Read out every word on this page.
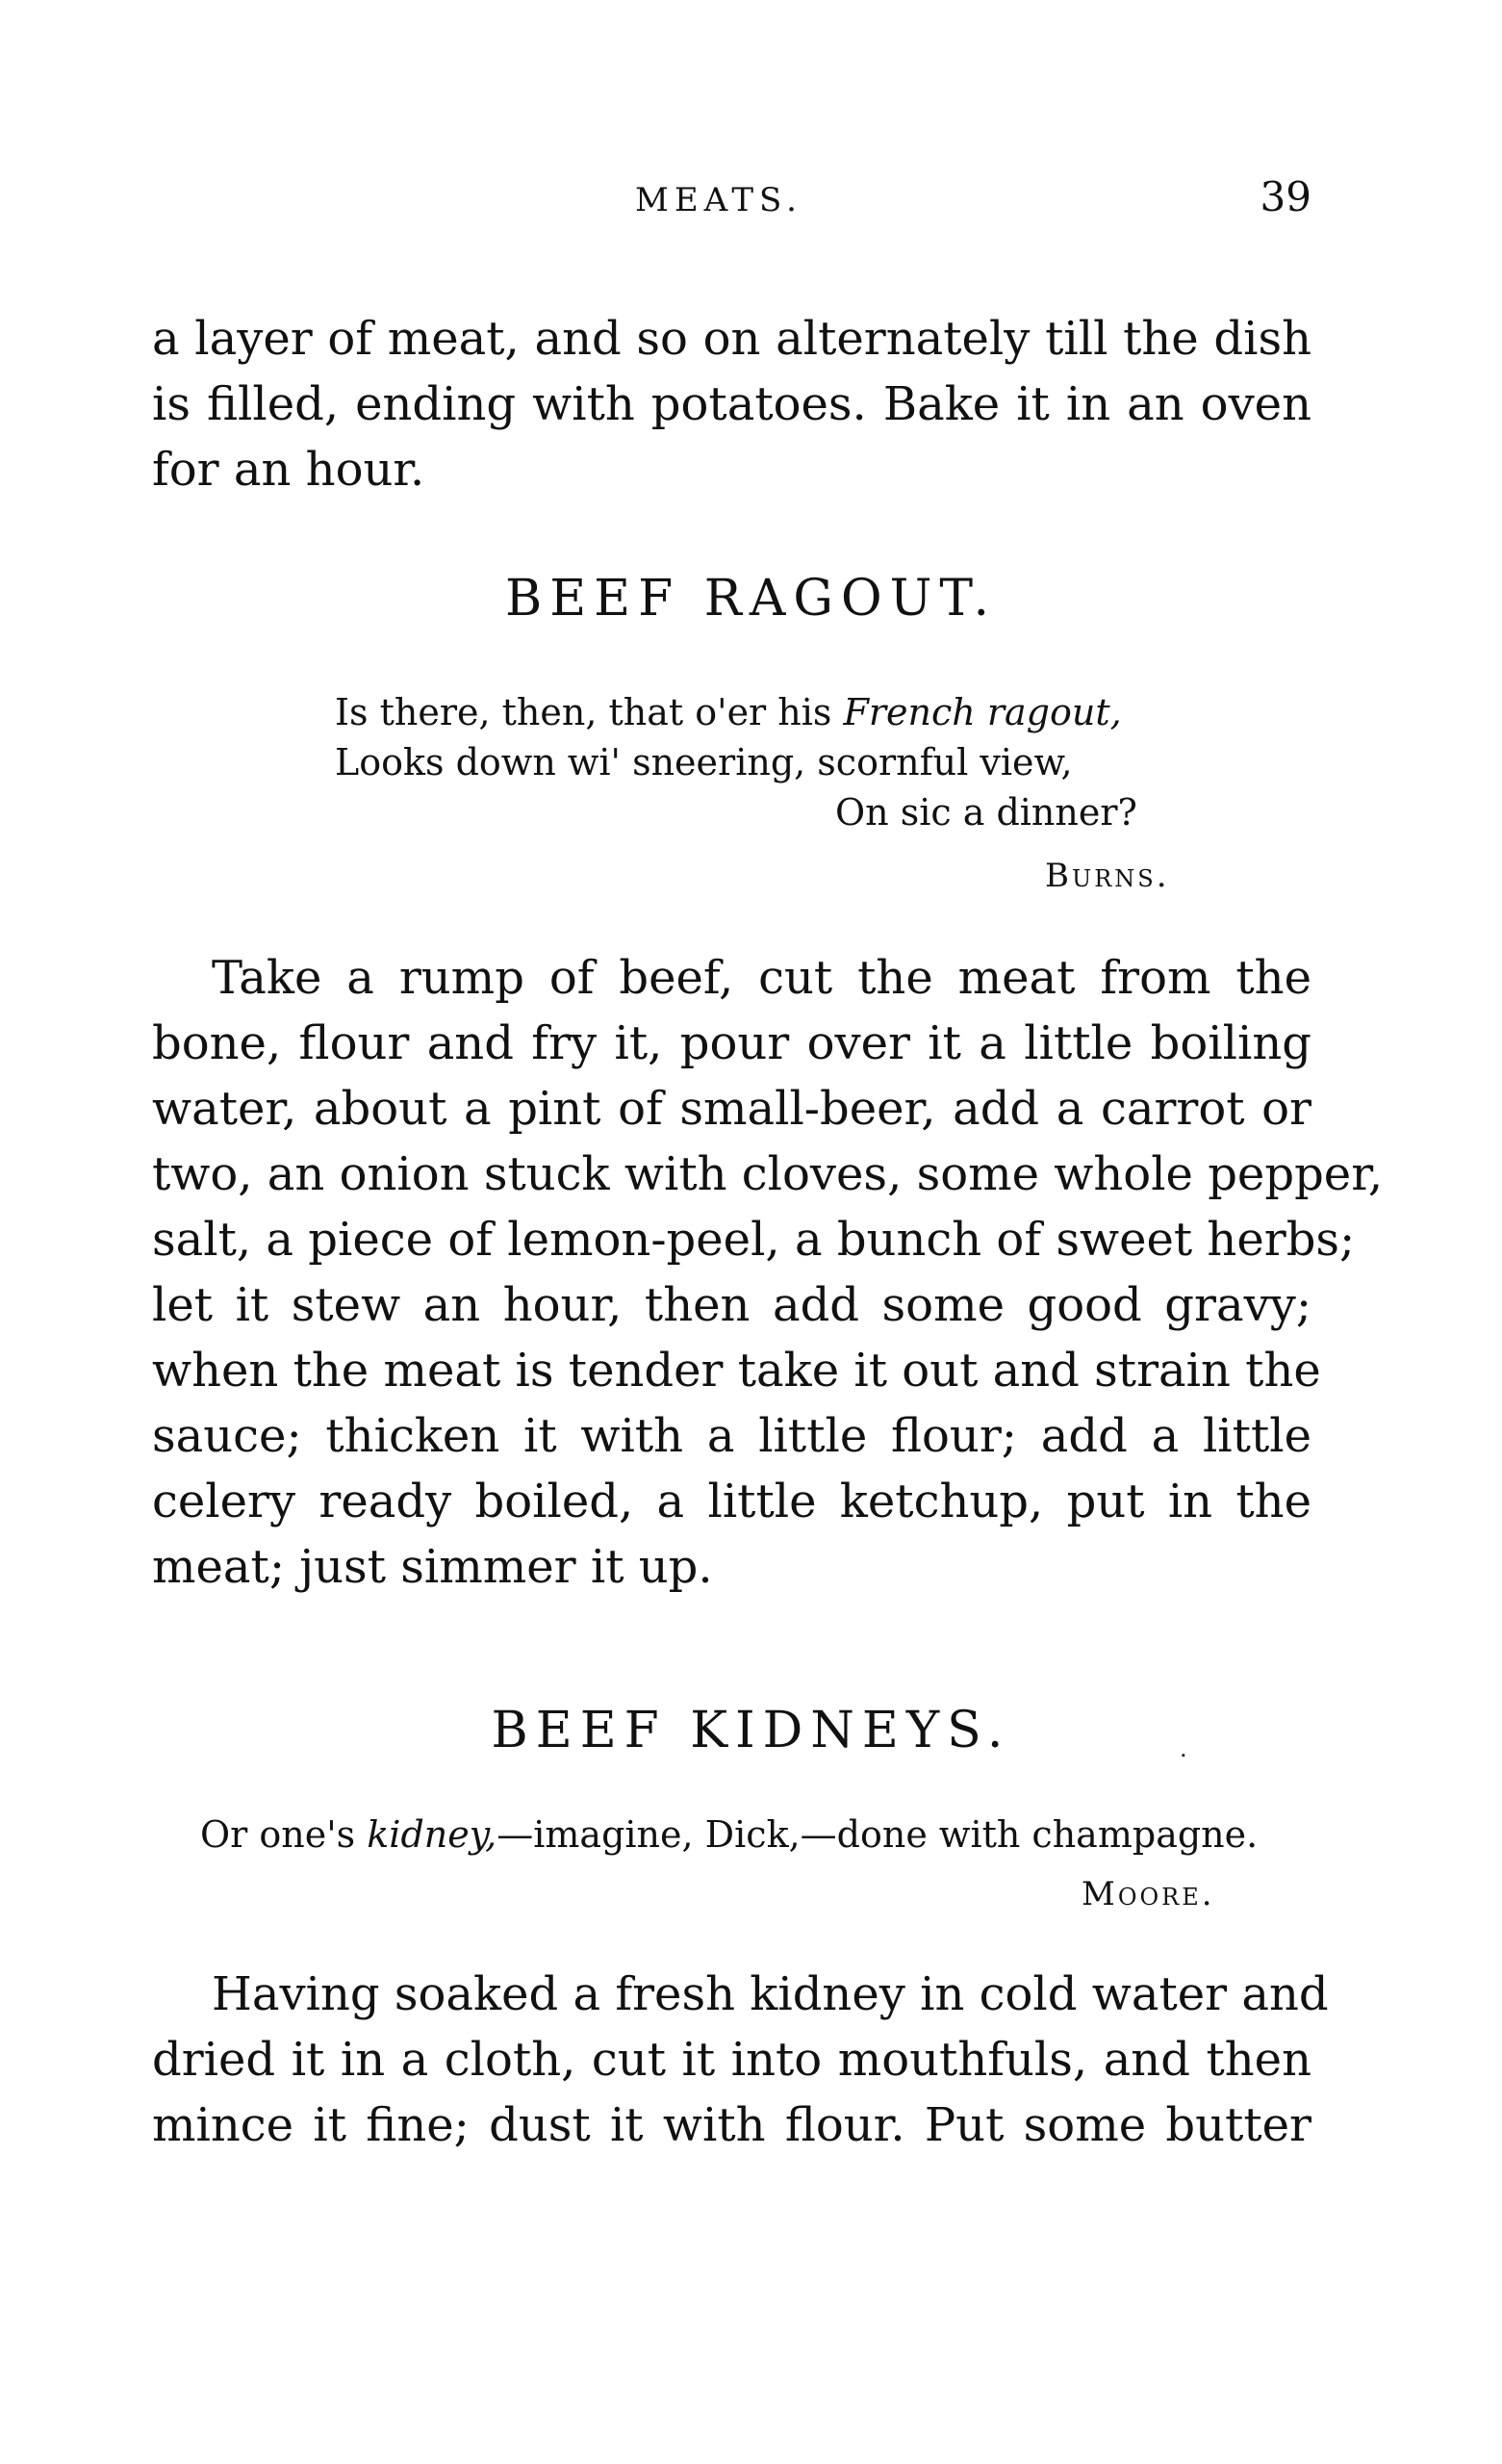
MEATS.	39
a layer of meat, and so on alternately till the dish
is filled, ending with potatoes. Bake it in an oven
for an hour.
BEEF RAGOUT.
Is there, then, that o'er his French ragout,
Looks down wi' sneering, scornful view,
On sic a dinner?
Burns.
Take a rump of beef, cut the meat from the
bone, flour and fry it, pour over it a little boiling
water, about a pint of small-beer, add a carrot or
two, an onion stuck with cloves, some whole pepper,
salt, a piece of lemon-peel, a bunch of sweet herbs;
let it stew an hour, then add some good gravy;
when the meat is tender take it out and strain the
sauce; thicken it with a little flour; add a little
celery ready boiled, a little ketchup, put in the
meat; just simmer it up.
BEEF KIDNEYS.	.
Or one's kidney,—imagine, Dick,—done with champagne.
Moore.
Having soaked a fresh kidney in cold water and
dried it in a cloth, cut it into mouthfuls, and then
mince it fine; dust it with flour. Put some butter
